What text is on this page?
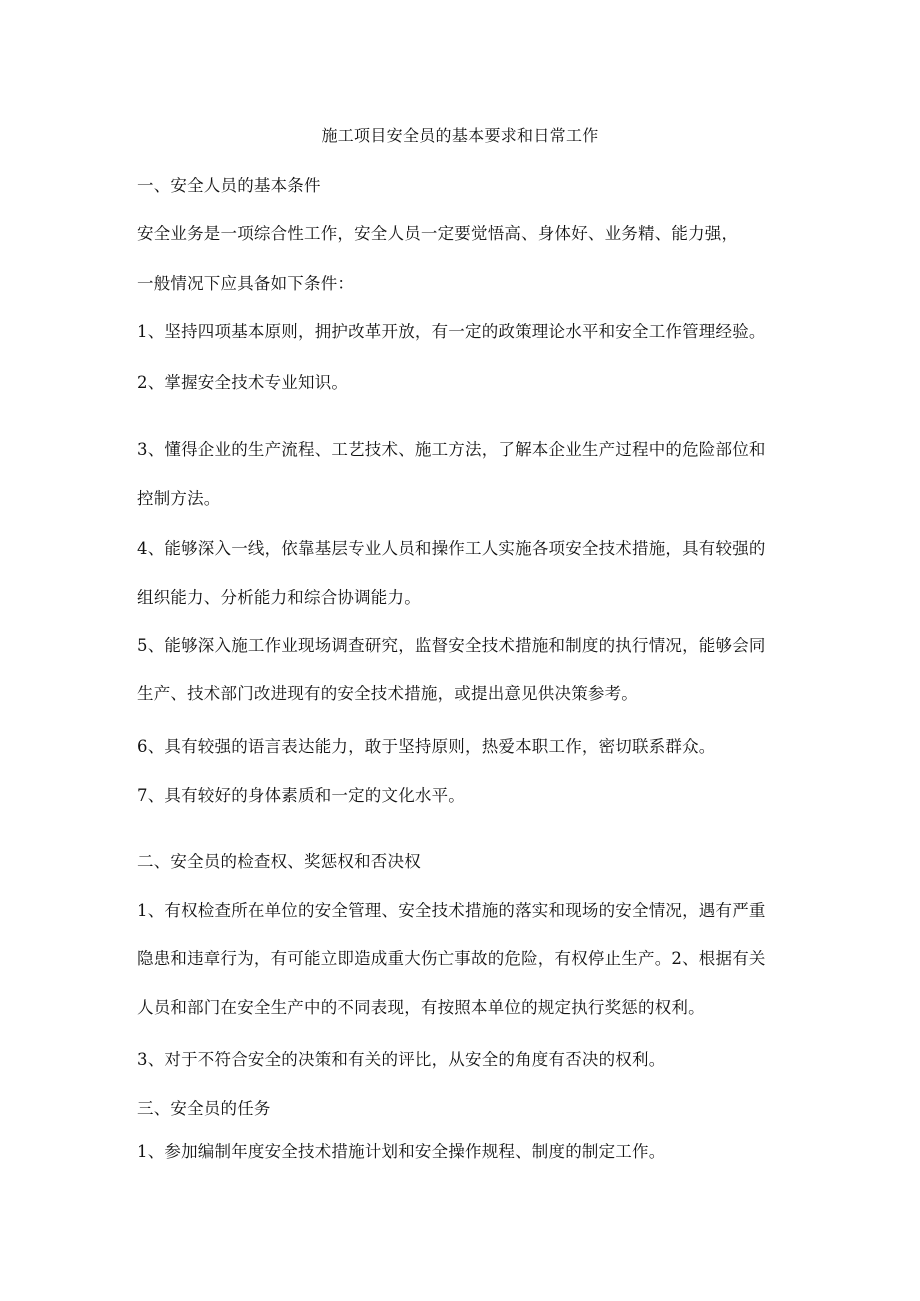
施工项目安全员的基本要求和日常工作
一、安全人员的基本条件
安全业务是一项综合性工作，安全人员一定要觉悟高、身体好、业务精、能力强，
一般情况下应具备如下条件：
1、坚持四项基本原则，拥护改革开放，有一定的政策理论水平和安全工作管理经验。
2、掌握安全技术专业知识。
3、懂得企业的生产流程、工艺技术、施工方法，了解本企业生产过程中的危险部位和
控制方法。
4、能够深入一线，依靠基层专业人员和操作工人实施各项安全技术措施，具有较强的
组织能力、分析能力和综合协调能力。
5、能够深入施工作业现场调查研究，监督安全技术措施和制度的执行情况，能够会同
生产、技术部门改进现有的安全技术措施，或提出意见供决策参考。
6、具有较强的语言表达能力，敢于坚持原则，热爱本职工作，密切联系群众。
7、具有较好的身体素质和一定的文化水平。
二、安全员的检查权、奖惩权和否决权
1、有权检查所在单位的安全管理、安全技术措施的落实和现场的安全情况，遇有严重
隐患和违章行为，有可能立即造成重大伤亡事故的危险，有权停止生产。2、根据有关
人员和部门在安全生产中的不同表现，有按照本单位的规定执行奖惩的权利。
3、对于不符合安全的决策和有关的评比，从安全的角度有否决的权利。
三、安全员的任务
1、参加编制年度安全技术措施计划和安全操作规程、制度的制定工作。
